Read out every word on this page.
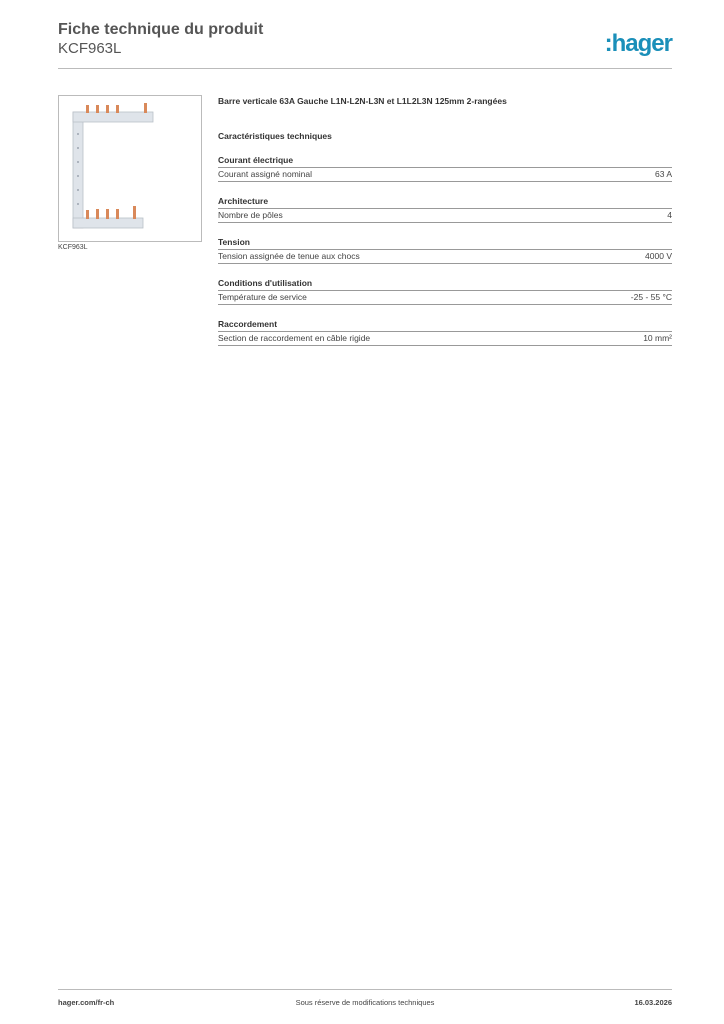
Fiche technique du produit
KCF963L	:hager
KCF963L
Barre verticale 63A Gauche L1N-L2N-L3N et L1L2L3N 125mm 2-rangées
Caractéristiques techniques
Courant électrique
Courant assigné nominal	63 A
Architecture
Nombre de pôles	4
Tension
Tension assignée de tenue aux chocs	4000 V
Conditions d'utilisation
Température de service	-25 - 55 °C
Raccordement
Section de raccordement en câble rigide	10 mm²
hager.com/fr-ch	Sous réserve de modifications techniques	16.03.2026
